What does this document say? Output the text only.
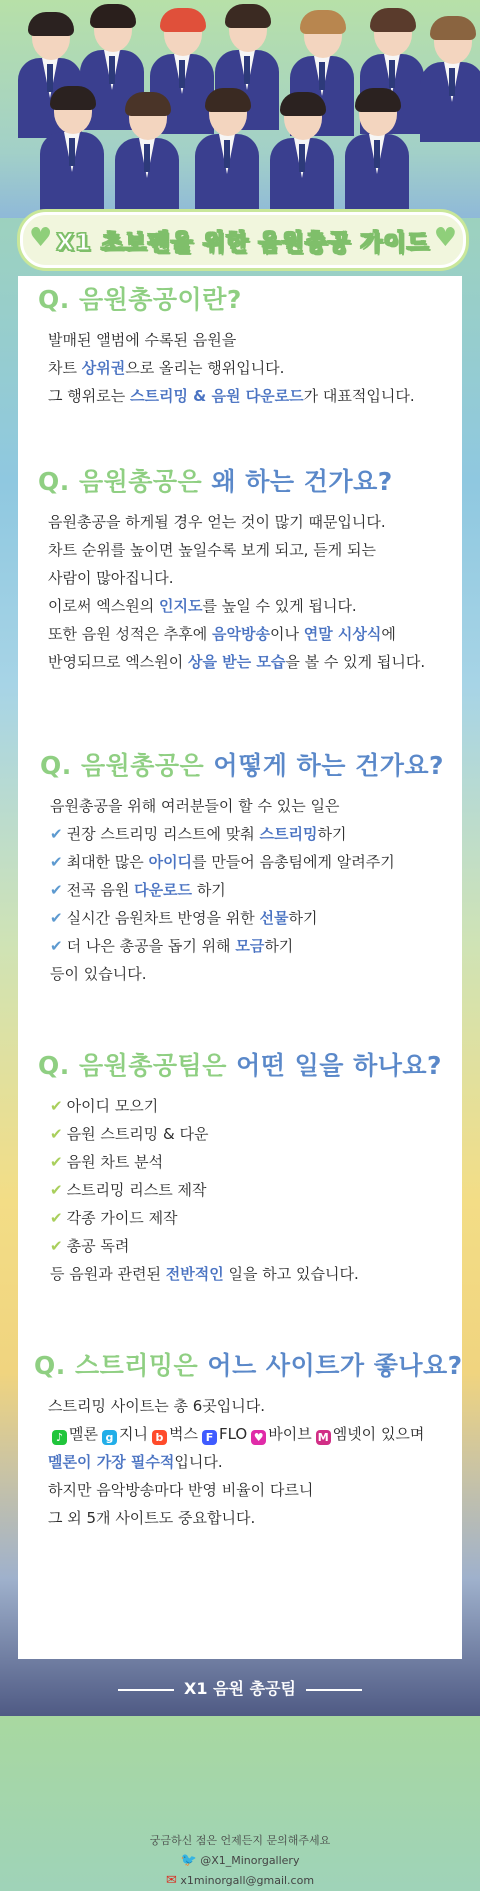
♥ X1 초보팬을 위한 음원총공 가이드 ♥
Q. 음원총공이란?
발매된 앨범에 수록된 음원을
차트 상위권으로 올리는 행위입니다.
그 행위로는 스트리밍 & 음원 다운로드가 대표적입니다.
Q. 음원총공은 왜 하는 건가요?
음원총공을 하게될 경우 얻는 것이 많기 때문입니다.
차트 순위를 높이면 높일수록 보게 되고, 듣게 되는
사람이 많아집니다.
이로써 엑스원의 인지도를 높일 수 있게 됩니다.
또한 음원 성적은 추후에 음악방송이나 연말 시상식에
반영되므로 엑스원이 상을 받는 모습을 볼 수 있게 됩니다.
Q. 음원총공은 어떻게 하는 건가요?
음원총공을 위해 여러분들이 할 수 있는 일은
✔ 권장 스트리밍 리스트에 맞춰 스트리밍하기
✔ 최대한 많은 아이디를 만들어 음총팀에게 알려주기
✔ 전곡 음원 다운로드 하기
✔ 실시간 음원차트 반영을 위한 선물하기
✔ 더 나은 총공을 돕기 위해 모금하기
등이 있습니다.
Q. 음원총공팀은 어떤 일을 하나요?
✔ 아이디 모으기
✔ 음원 스트리밍 & 다운
✔ 음원 차트 분석
✔ 스트리밍 리스트 제작
✔ 각종 가이드 제작
✔ 총공 독려
등 음원과 관련된 전반적인 일을 하고 있습니다.
Q. 스트리밍은 어느 사이트가 좋나요?
스트리밍 사이트는 총 6곳입니다.
♪ 멜론 g 지니 b 벅스 F FLO ♥ 바이브 M 엠넷이 있으며
멜론이 가장 필수적입니다.
하지만 음악방송마다 반영 비율이 다르니
그 외 5개 사이트도 중요합니다.
궁금하신 점은 언제든지 문의해주세요
🐦 @X1_Minorgallery
✉ x1minorgall@gmail.com
X1 음원 총공팀
